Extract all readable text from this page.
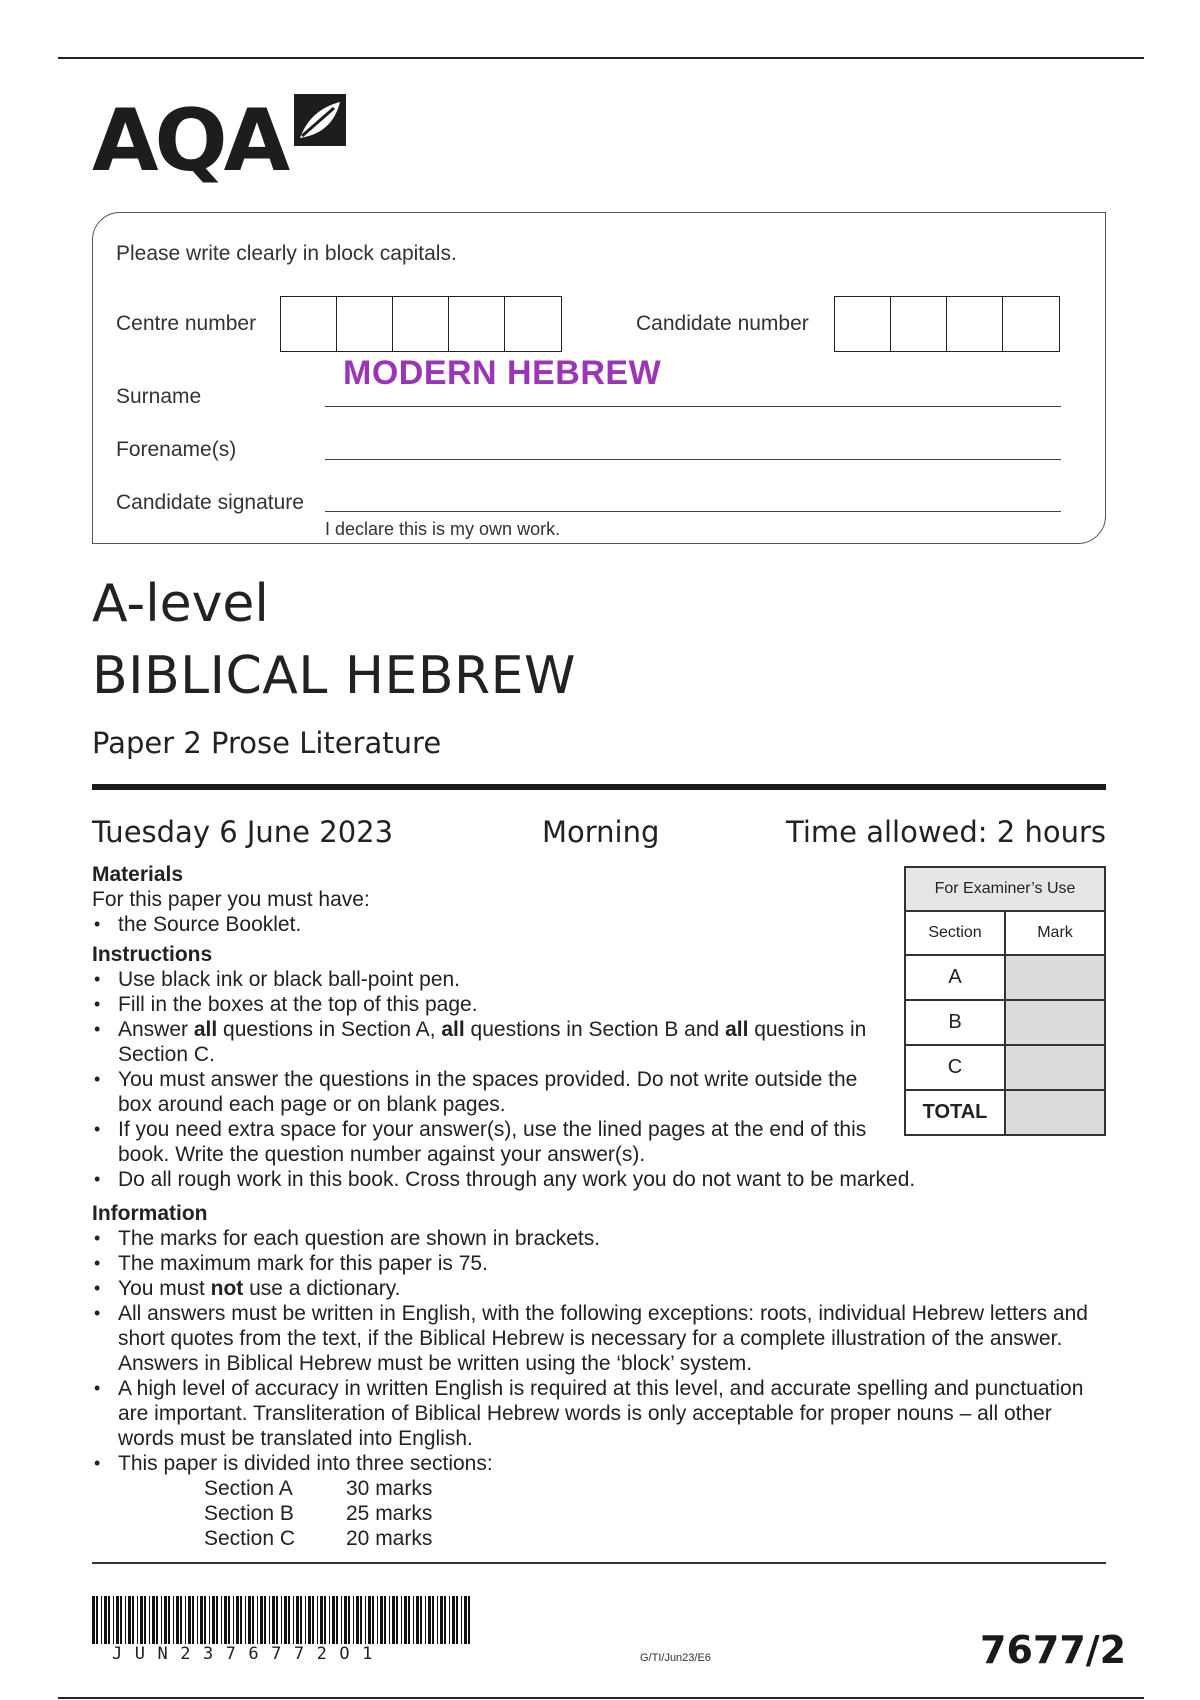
AQA
Please write clearly in block capitals.
Centre number	Candidate number
MODERN HEBREW
Surname
Forename(s)
Candidate signature
I declare this is my own work.
A-level
BIBLICAL HEBREW
Paper 2 Prose Literature
Tuesday 6 June 2023	Morning	Time allowed: 2 hours
Materials
For this paper you must have:
• the Source Booklet.
Instructions
• Use black ink or black ball-point pen.
• Fill in the boxes at the top of this page.
• Answer all questions in Section A, all questions in Section B and all questions in Section C.
• You must answer the questions in the spaces provided. Do not write outside the box around each page or on blank pages.
• If you need extra space for your answer(s), use the lined pages at the end of this book. Write the question number against your answer(s).
• Do all rough work in this book. Cross through any work you do not want to be marked.
For Examiner’s Use	
Section	Mark
A	
B	
C	
TOTAL	
Information
• The marks for each question are shown in brackets.
• The maximum mark for this paper is 75.
• You must not use a dictionary.
• All answers must be written in English, with the following exceptions: roots, individual Hebrew letters and short quotes from the text, if the Biblical Hebrew is necessary for a complete illustration of the answer. Answers in Biblical Hebrew must be written using the ‘block’ system.
• A high level of accuracy in written English is required at this level, and accurate spelling and punctuation are important. Transliteration of Biblical Hebrew words is only acceptable for proper nouns – all other words must be translated into English.
• This paper is divided into three sections:
Section A	30 marks
Section B 25 marks
Section C 20 marks
JUN2376772O1	G/TI/Jun23/E6	7677/2
